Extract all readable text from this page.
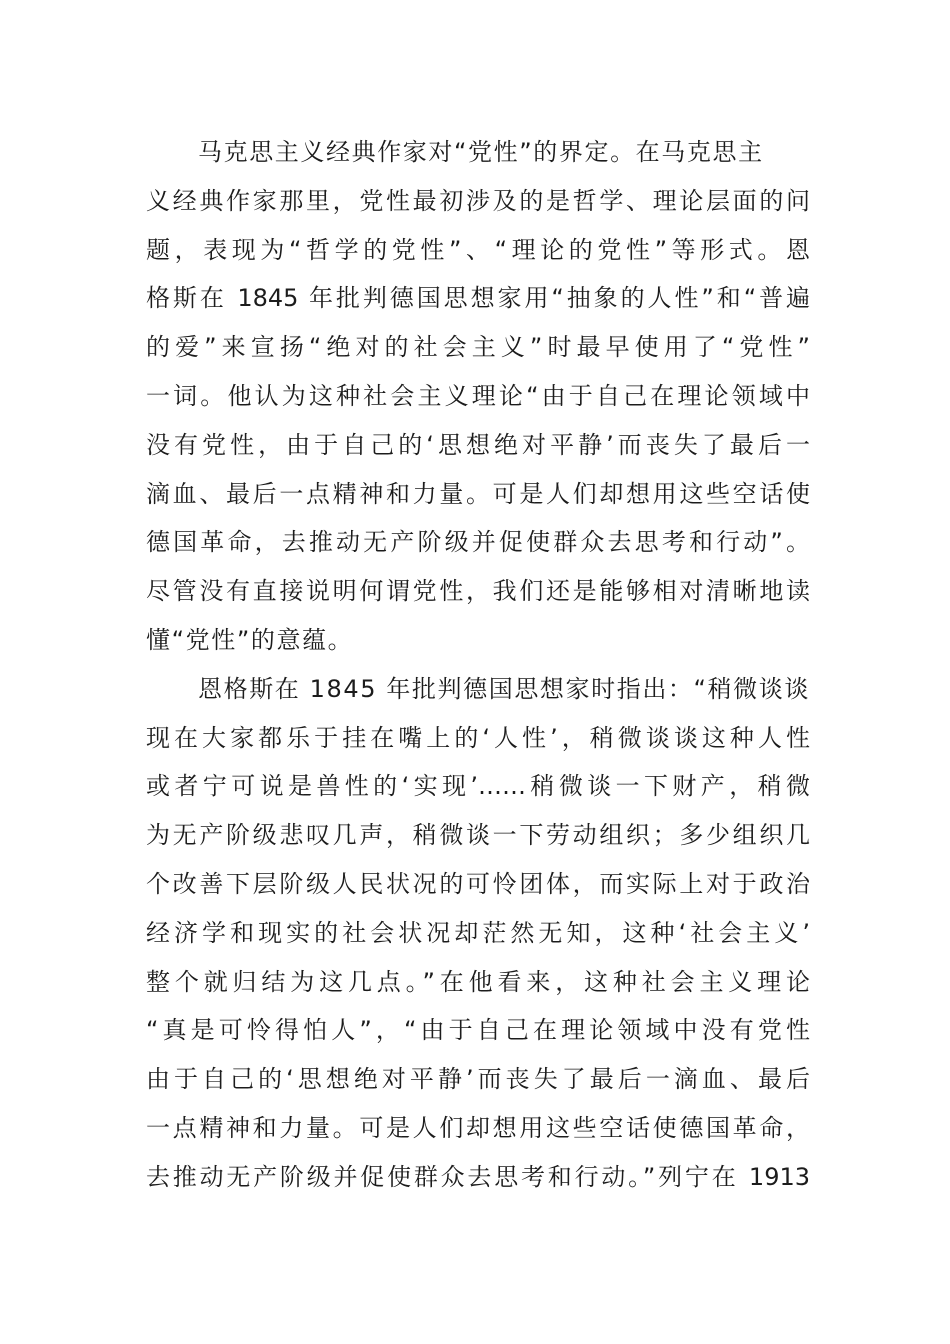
马克思主义经典作家对“党性”的界定。在马克思主
义经典作家那里，党性最初涉及的是哲学、理论层面的问
题，表现为“哲学的党性”、“理论的党性”等形式。恩
格斯在 1845 年批判德国思想家用“抽象的人性”和“普遍
的爱”来宣扬“绝对的社会主义”时最早使用了“党性”
一词。他认为这种社会主义理论“由于自己在理论领域中
没有党性，由于自己的‘思想绝对平静’而丧失了最后一
滴血、最后一点精神和力量。可是人们却想用这些空话使
德国革命，去推动无产阶级并促使群众去思考和行动”。
尽管没有直接说明何谓党性，我们还是能够相对清晰地读
懂“党性”的意蕴。
恩格斯在 1845 年批判德国思想家时指出：“稍微谈谈
现在大家都乐于挂在嘴上的‘人性’，稍微谈谈这种人性
或者宁可说是兽性的‘实现’……稍微谈一下财产，稍微
为无产阶级悲叹几声，稍微谈一下劳动组织；多少组织几
个改善下层阶级人民状况的可怜团体，而实际上对于政治
经济学和现实的社会状况却茫然无知，这种‘社会主义’
整个就归结为这几点。”在他看来，这种社会主义理论
“真是可怜得怕人”，“由于自己在理论领域中没有党性
由于自己的‘思想绝对平静’而丧失了最后一滴血、最后
一点精神和力量。可是人们却想用这些空话使德国革命，
去推动无产阶级并促使群众去思考和行动。”列宁在 1913
